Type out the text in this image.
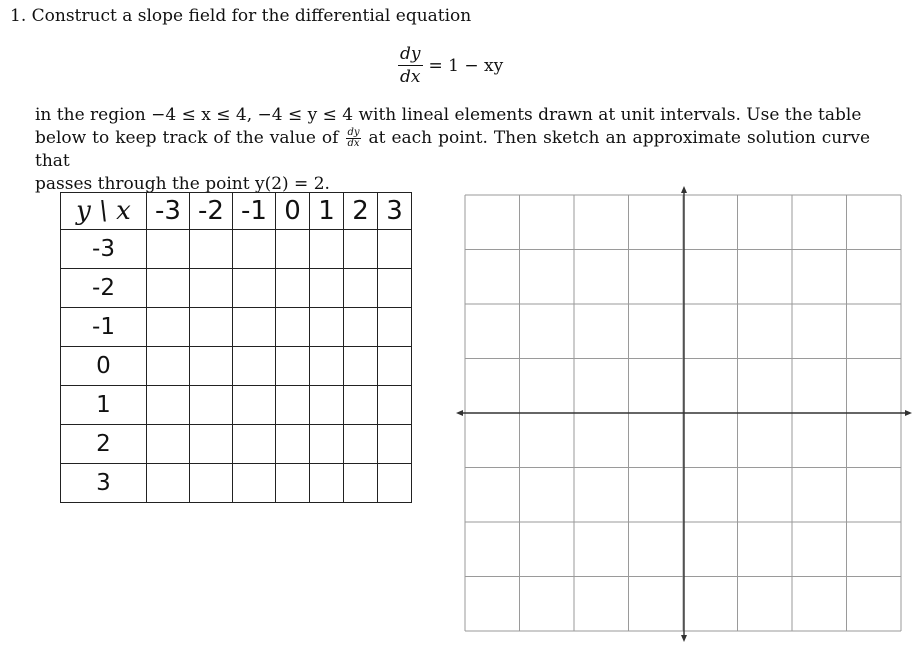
1. Construct a slope field for the differential equation
$\frac{dy}{dx} = 1$ − xy

in the region −4 ≤ x ≤ 4, −4 ≤ y ≤ 4 with lineal elements drawn at unit intervals. Use the table

below to keep track of the value of $\frac{dy}{dx}$ at each point. Then sketch an approximate solution curve that

passes through the point y(2) = 2.

y \ x	-3	-2	-1	0	1	2	3
-3							
-2							
-1							
0							
1							
2							
3							
